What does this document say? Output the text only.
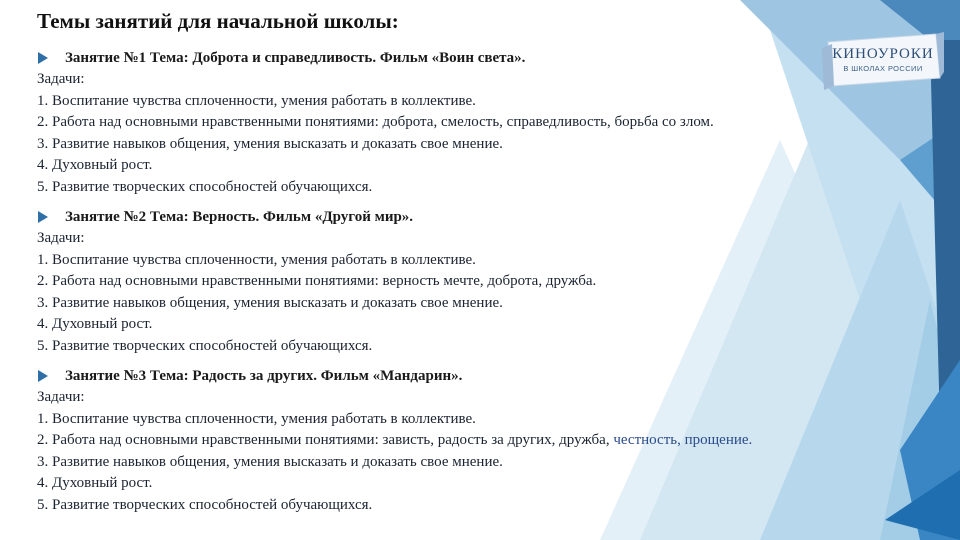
Темы занятий для начальной школы:
КИНОУРОКИ
В ШКОЛАХ РОССИИ
Занятие №1 Тема: Доброта и справедливость. Фильм «Воин света».
Задачи:
1. Воспитание чувства сплоченности, умения работать в коллективе.
2. Работа над основными нравственными понятиями: доброта, смелость, справедливость, борьба со злом.
3. Развитие навыков общения, умения высказать и доказать свое мнение.
4. Духовный рост.
5. Развитие творческих способностей обучающихся.
Занятие №2 Тема: Верность. Фильм «Другой мир».
Задачи:
1. Воспитание чувства сплоченности, умения работать в коллективе.
2. Работа над основными нравственными понятиями: верность мечте, доброта, дружба.
3. Развитие навыков общения, умения высказать и доказать свое мнение.
4. Духовный рост.
5. Развитие творческих способностей обучающихся.
Занятие №3 Тема: Радость за других. Фильм «Мандарин».
Задачи:
1. Воспитание чувства сплоченности, умения работать в коллективе.
2. Работа над основными нравственными понятиями: зависть, радость за других, дружба, честность, прощение.
3. Развитие навыков общения, умения высказать и доказать свое мнение.
4. Духовный рост.
5. Развитие творческих способностей обучающихся.
